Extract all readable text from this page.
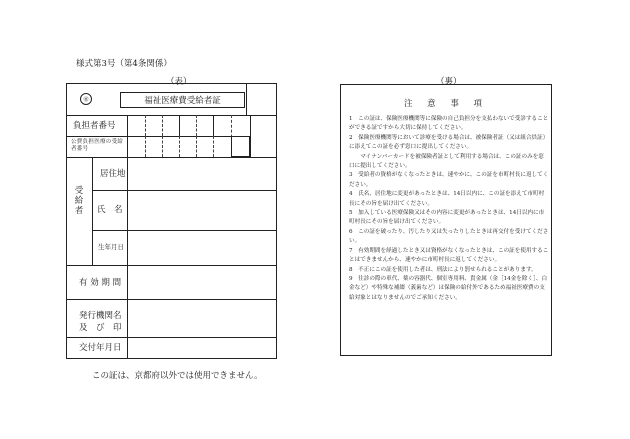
様式第3号（第4条関係）
（表）	（裏）
㊙	福祉医療費受給者証
負担者番号
公費負担医療の受給者番号
受給者
居住地
氏　名
生年月日
有 効 期 間
発行機関名及　び　印
交付年月日
注 意 事 項

1　この証は、保険医療機関等に保険の自己負担分を支払わないで受診することができる証ですから大切に保持してください。

2　保険医療機関等において診療を受ける場合は、被保険者証（又は組合員証）に添えてこの証を必ず窓口に提出してください。

　　マイナンバーカードを被保険者証として利用する場合は、この証のみを窓口に提出してください。

3　受給者の資格がなくなったときは、速やかに、この証を市町村長に返してください。

4　氏名、居住地に変更があったときは、14日以内に、この証を添えて市町村長にその旨を届け出てください。

5　加入している医療保険又はその内容に変更があったときは、14日以内に市町村長にその旨を届け出てください。

6　この証を破ったり、汚したり又は失ったりしたときは再交付を受けてください。

7　有効期間を経過したとき又は資格がなくなったときは、この証を使用することはできませんから、速やかに市町村長に返してください。

8　不正にこの証を使用した者は、刑法により罰せられることがあります。

9　往診の際の車代、薬の容器代、個室専用料、貴金属（金［14金を除く］、白金など）や特殊な補綴（義歯など）は保険の給付外であるため福祉医療費の支給対象とはなりませんのでご承知ください。

この証は、京都府以外では使用できません。
